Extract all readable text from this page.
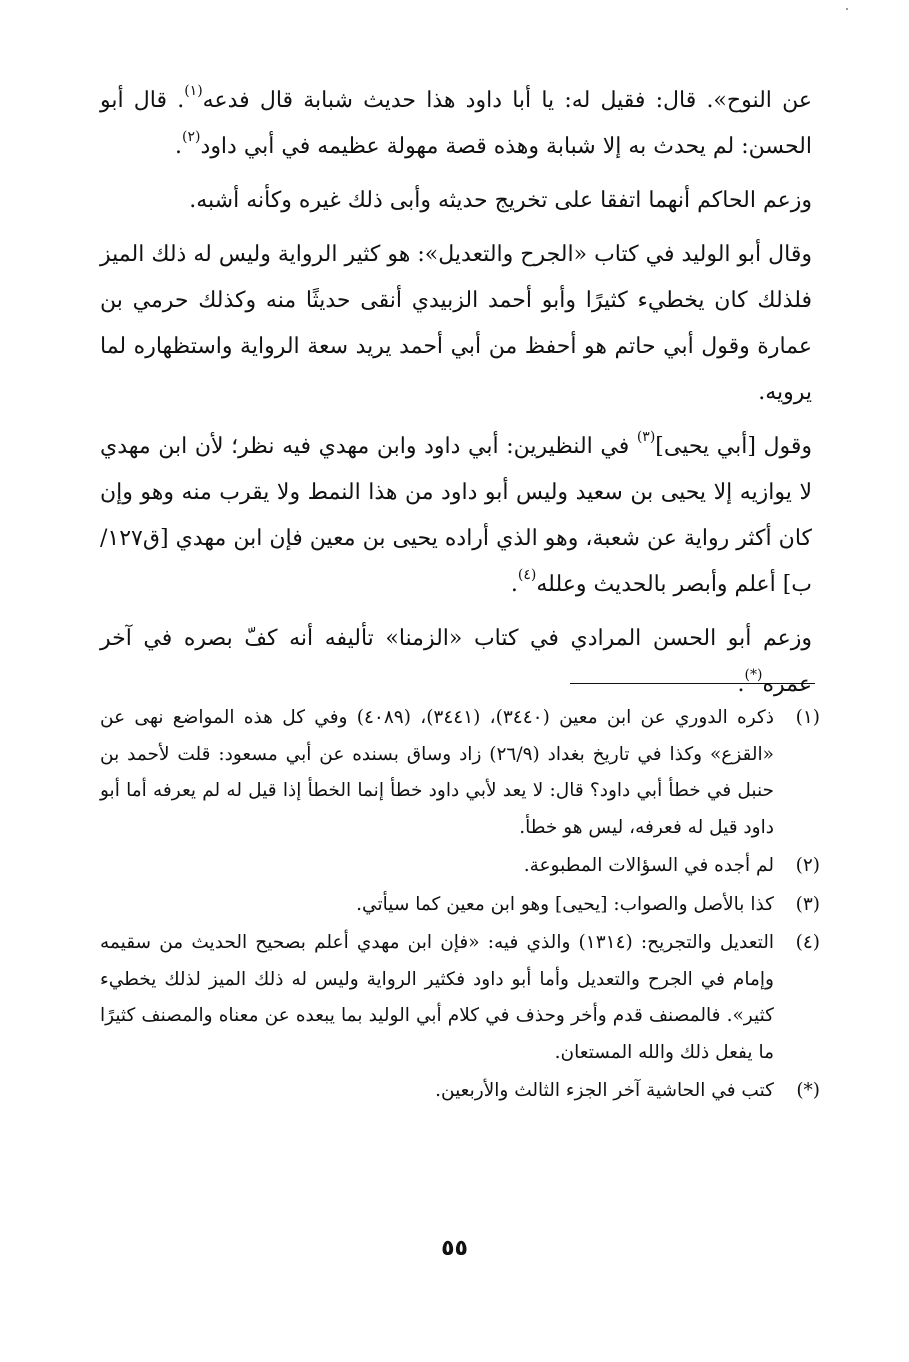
عن النوح». قال: فقيل له: يا أبا داود هذا حديث شبابة قال فدعه$^{(١)}$. قال أبو الحسن: لم يحدث به إلا شبابة وهذه قصة مهولة عظيمه في أبي داود$^{(٢)}$.

وزعم الحاكم أنهما اتفقا على تخريج حديثه وأبى ذلك غيره وكأنه أشبه.

وقال أبو الوليد في كتاب «الجرح والتعديل»: هو كثير الرواية وليس له ذلك الميز فلذلك كان يخطيء كثيرًا وأبو أحمد الزبيدي أنقى حديثًا منه وكذلك حرمي بن عمارة وقول أبي حاتم هو أحفظ من أبي أحمد يريد سعة الرواية واستظهاره لما يرويه.

وقول [أبي يحيى]$^{(٣)}$ في النظيرين: أبي داود وابن مهدي فيه نظر؛ لأن ابن مهدي لا يوازيه إلا يحيى بن سعيد وليس أبو داود من هذا النمط ولا يقرب منه وهو وإن كان أكثر رواية عن شعبة، وهو الذي أراده يحيى بن معين فإن ابن مهدي [ق١٢٧/ب] أعلم وأبصر بالحديث وعلله$^{(٤)}$.

وزعم أبو الحسن المرادي في كتاب «الزمنا» تأليفه أنه كفّ بصره في آخر عمره(*).

(١)
ذكره الدوري عن ابن معين (٣٤٤٠)، (٣٤٤١)، (٤٠٨٩) وفي كل هذه المواضع نهى عن «القزع» وكذا في تاريخ بغداد (٢٦/٩) زاد وساق بسنده عن أبي مسعود: قلت لأحمد بن حنبل في خطأ أبي داود؟ قال: لا يعد لأبي داود خطأ إنما الخطأ إذا قيل له لم يعرفه أما أبو داود قيل له فعرفه، ليس هو خطأ.
(٢)
لم أجده في السؤالات المطبوعة.
(٣)
كذا بالأصل والصواب: [يحيى] وهو ابن معين كما سيأتي.
(٤)
التعديل والتجريح: (١٣١٤) والذي فيه: «فإن ابن مهدي أعلم بصحيح الحديث من سقيمه وإمام في الجرح والتعديل وأما أبو داود فكثير الرواية وليس له ذلك الميز لذلك يخطيء كثير». فالمصنف قدم وأخر وحذف في كلام أبي الوليد بما يبعده عن معناه والمصنف كثيرًا ما يفعل ذلك والله المستعان.
(*)
كتب في الحاشية آخر الجزء الثالث والأربعين.
٥٥
